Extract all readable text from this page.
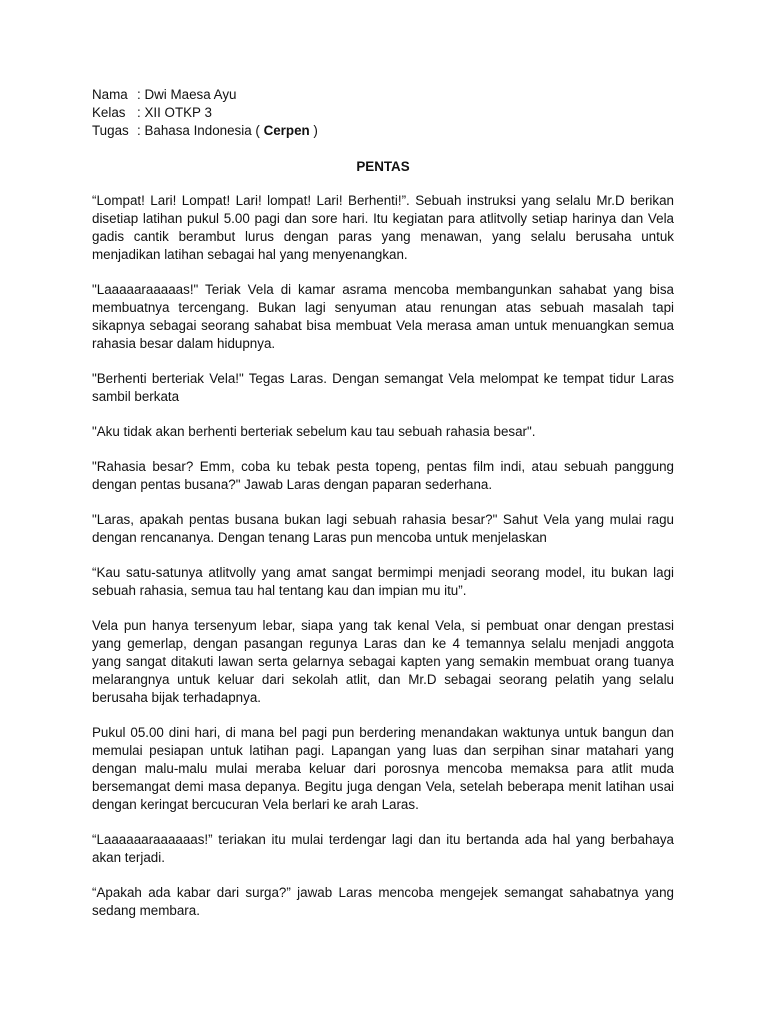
Nama : Dwi Maesa Ayu
Kelas : XII OTKP 3
Tugas : Bahasa Indonesia ( Cerpen )
PENTAS

“Lompat! Lari! Lompat! Lari! lompat! Lari! Berhenti!”. Sebuah instruksi yang selalu Mr.D berikan disetiap latihan pukul 5.00 pagi dan sore hari. Itu kegiatan para atlitvolly setiap harinya dan Vela gadis cantik berambut lurus dengan paras yang menawan, yang selalu berusaha untuk menjadikan latihan sebagai hal yang menyenangkan.

"Laaaaaraaaaas!" Teriak Vela di kamar asrama mencoba membangunkan sahabat yang bisa membuatnya tercengang. Bukan lagi senyuman atau renungan atas sebuah masalah tapi sikapnya sebagai seorang sahabat bisa membuat Vela merasa aman untuk menuangkan semua rahasia besar dalam hidupnya.

"Berhenti berteriak Vela!" Tegas Laras. Dengan semangat Vela melompat ke tempat tidur Laras sambil berkata

"Aku tidak akan berhenti berteriak sebelum kau tau sebuah rahasia besar".

"Rahasia besar? Emm, coba ku tebak pesta topeng, pentas film indi, atau sebuah panggung dengan pentas busana?" Jawab Laras dengan paparan sederhana.

"Laras, apakah pentas busana bukan lagi sebuah rahasia besar?" Sahut Vela yang mulai ragu dengan rencananya. Dengan tenang Laras pun mencoba untuk menjelaskan

“Kau satu-satunya atlitvolly yang amat sangat bermimpi menjadi seorang model, itu bukan lagi sebuah rahasia, semua tau hal tentang kau dan impian mu itu”.

Vela pun hanya tersenyum lebar, siapa yang tak kenal Vela, si pembuat onar dengan prestasi yang gemerlap, dengan pasangan regunya Laras dan ke 4 temannya selalu menjadi anggota yang sangat ditakuti lawan serta gelarnya sebagai kapten yang semakin membuat orang tuanya melarangnya untuk keluar dari sekolah atlit, dan Mr.D sebagai seorang pelatih yang selalu berusaha bijak terhadapnya.

Pukul 05.00 dini hari, di mana bel pagi pun berdering menandakan waktunya untuk bangun dan memulai pesiapan untuk latihan pagi. Lapangan yang luas dan serpihan sinar matahari yang dengan malu-malu mulai meraba keluar dari porosnya mencoba memaksa para atlit muda bersemangat demi masa depanya. Begitu juga dengan Vela, setelah beberapa menit latihan usai dengan keringat bercucuran Vela berlari ke arah Laras.

“Laaaaaaraaaaaas!” teriakan itu mulai terdengar lagi dan itu bertanda ada hal yang berbahaya akan terjadi.

“Apakah ada kabar dari surga?” jawab Laras mencoba mengejek semangat sahabatnya yang sedang membara.
